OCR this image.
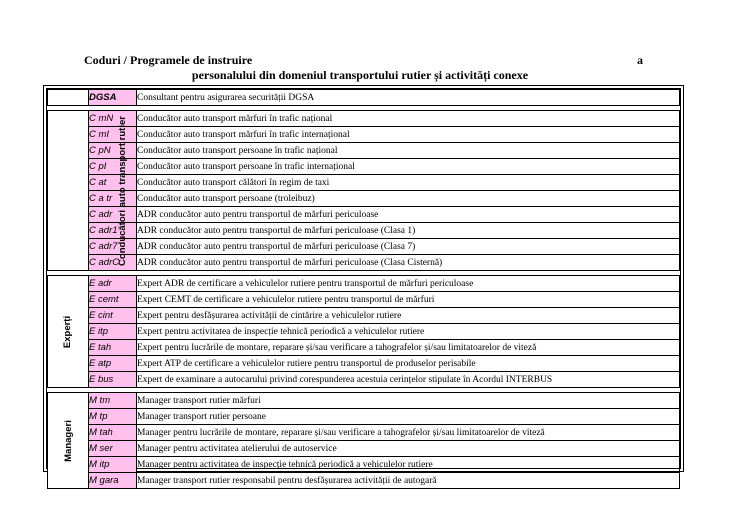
Coduri / Programele de instruire	a
personalului din domeniul transportului rutier și activități conexe
	DGSA	Consultant pentru asigurarea securității DGSA

Conducători auto transport rutier	C mN	Conducător auto transport mărfuri în trafic național
	C mI	Conducător auto transport mărfuri în trafic internațional
	C pN	Conducător auto transport persoane în trafic național
	C pI	Conducător auto transport persoane în trafic internațional
	C at	Conducător auto transport călători în regim de taxi
	C a tr	Conducător auto transport persoane (troleibuz)
	C adr	ADR conducător auto pentru transportul de mărfuri periculoase
	C adr1	ADR conducător auto pentru transportul de mărfuri periculoase (Clasa 1)
	C adr7	ADR conducător auto pentru transportul de mărfuri periculoase (Clasa 7)
	C adrC	ADR conducător auto pentru transportul de mărfuri periculoase (Clasa Cisternă)

Experți	E adr	Expert ADR de certificare a vehiculelor rutiere pentru transportul de mărfuri periculoase
	E cemt	Expert CEMT de certificare a vehiculelor rutiere pentru transportul de mărfuri
	E cint	Expert pentru desfășurarea activității de cintărire a vehiculelor rutiere
	E itp	Expert pentru activitatea de inspecție tehnică periodică a vehiculelor rutiere
	E tah	Expert pentru lucrările de montare, reparare și/sau verificare a tahografelor și/sau limitatoarelor de viteză
	E atp	Expert ATP de certificare a vehiculelor rutiere pentru transportul de produselor perisabile
	E bus	Expert de examinare a autocarului privind corespunderea acestuia cerințelor stipulate în Acordul INTERBUS

Manageri	M tm	Manager transport rutier mărfuri
	M tp	Manager transport rutier persoane
	M tah	Manager pentru lucrările de montare, reparare și/sau verificare a tahografelor și/sau limitatoarelor de viteză
	M ser	Manager pentru activitatea atelierului de autoservice
	M itp	Manager pentru activitatea de inspecție tehnică periodică a vehiculelor rutiere
	M gara	Manager transport rutier responsabil pentru desfășurarea activității de autogară
